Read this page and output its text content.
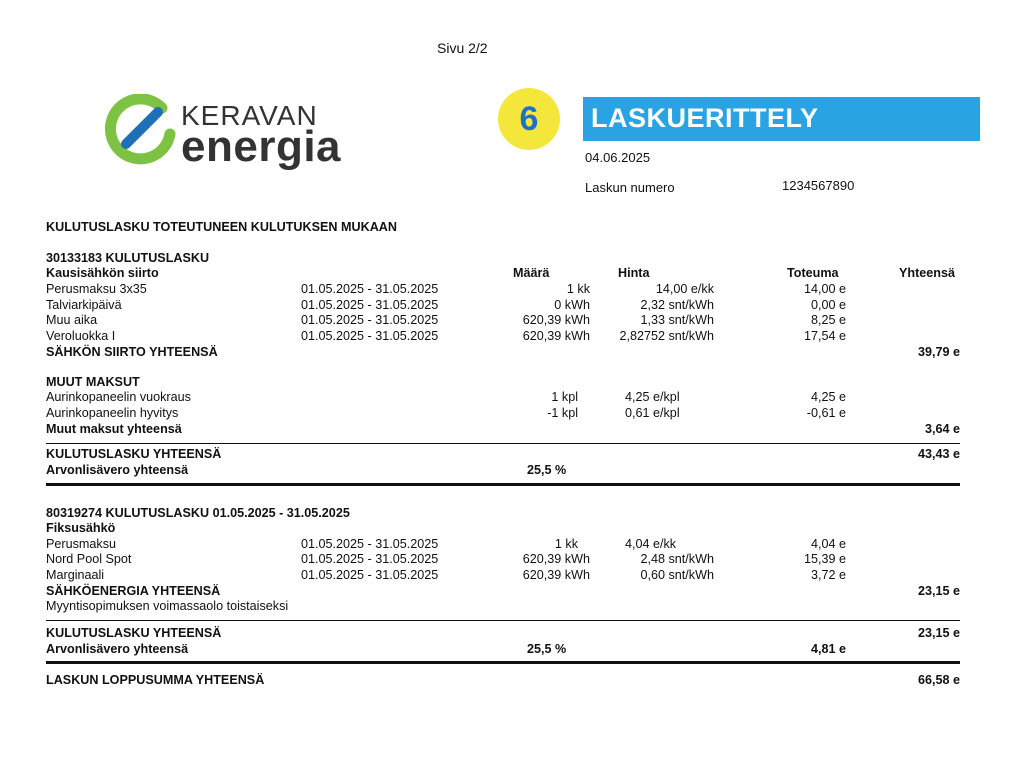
Sivu 2/2
KERAVAN
energia
6	LASKUERITTELY
04.06.2025
Laskun numero	1234567890
KULUTUSLASKU TOTEUTUNEEN KULUTUKSEN MUKAAN
30133183 KULUTUSLASKU
Kausisähkön siirto	Määrä	Hinta	Toteuma	Yhteensä
Perusmaksu 3x35	01.05.2025 - 31.05.2025	1 kk	14,00 e/kk	14,00 e
Talviarkipäivä	01.05.2025 - 31.05.2025	0 kWh	2,32 snt/kWh	0,00 e
Muu aika	01.05.2025 - 31.05.2025	620,39 kWh	1,33 snt/kWh	8,25 e
Veroluokka I	01.05.2025 - 31.05.2025	620,39 kWh	2,82752 snt/kWh	17,54 e
SÄHKÖN SIIRTO YHTEENSÄ	39,79 e
MUUT MAKSUT
Aurinkopaneelin vuokraus	1 kpl	4,25 e/kpl	4,25 e
Aurinkopaneelin hyvitys	-1 kpl	0,61 e/kpl	-0,61 e
Muut maksut yhteensä	3,64 e
KULUTUSLASKU YHTEENSÄ	43,43 e
Arvonlisävero yhteensä	25,5 %
80319274 KULUTUSLASKU 01.05.2025 - 31.05.2025
Fiksusähkö
Perusmaksu	01.05.2025 - 31.05.2025	1 kk	4,04 e/kk	4,04 e
Nord Pool Spot	01.05.2025 - 31.05.2025	620,39 kWh	2,48 snt/kWh	15,39 e
Marginaali	01.05.2025 - 31.05.2025	620,39 kWh	0,60 snt/kWh	3,72 e
SÄHKÖENERGIA YHTEENSÄ	23,15 e
Myyntisopimuksen voimassaolo toistaiseksi
KULUTUSLASKU YHTEENSÄ	23,15 e
Arvonlisävero yhteensä	25,5 %	4,81 e
LASKUN LOPPUSUMMA YHTEENSÄ	66,58 e
